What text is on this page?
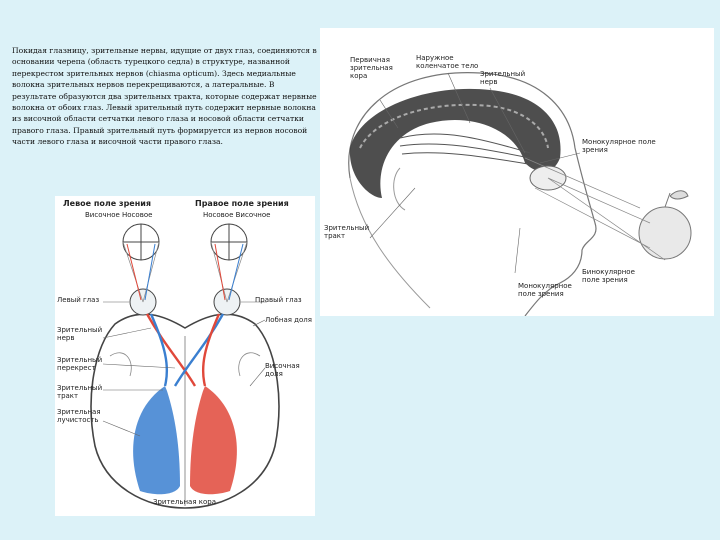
Покидая глазницу, зрительные нервы, идущие от двух глаз, соединяются в основании черепа (область турецкого седла) в структуре, названной перекрестом зрительных нервов (chiasma opticum). Здесь медиальные волокна зрительных нервов перекрещиваются, а латеральные. В результате образуются два зрительных тракта, которые содержат нервные волокна от обоих глаз. Левый зрительный путь содержит нервные волокна из височной области сетчатки левого глаза и носовой области сетчатки правого глаза. Правый зрительный путь формируется из нервов носовой части левого глаза и височной части правого глаза.

Левое поле зрения	Правое поле зрения
Височное Носовое	Носовое Височное
Левый глаз	Правый глаз
Зрительный
нерв
Зрительный
перекрест
Зрительный
тракт
Зрительная
лучистость
Лобная доля
Височная
доля
Зрительная кора
Первичная
зрительная
кора
Наружное
коленчатое тело
Зрительный
нерв
Монокулярное поле
зрения
Зрительный
тракт
Бинокулярное
поле зрения
Монокулярное
поле зрения
